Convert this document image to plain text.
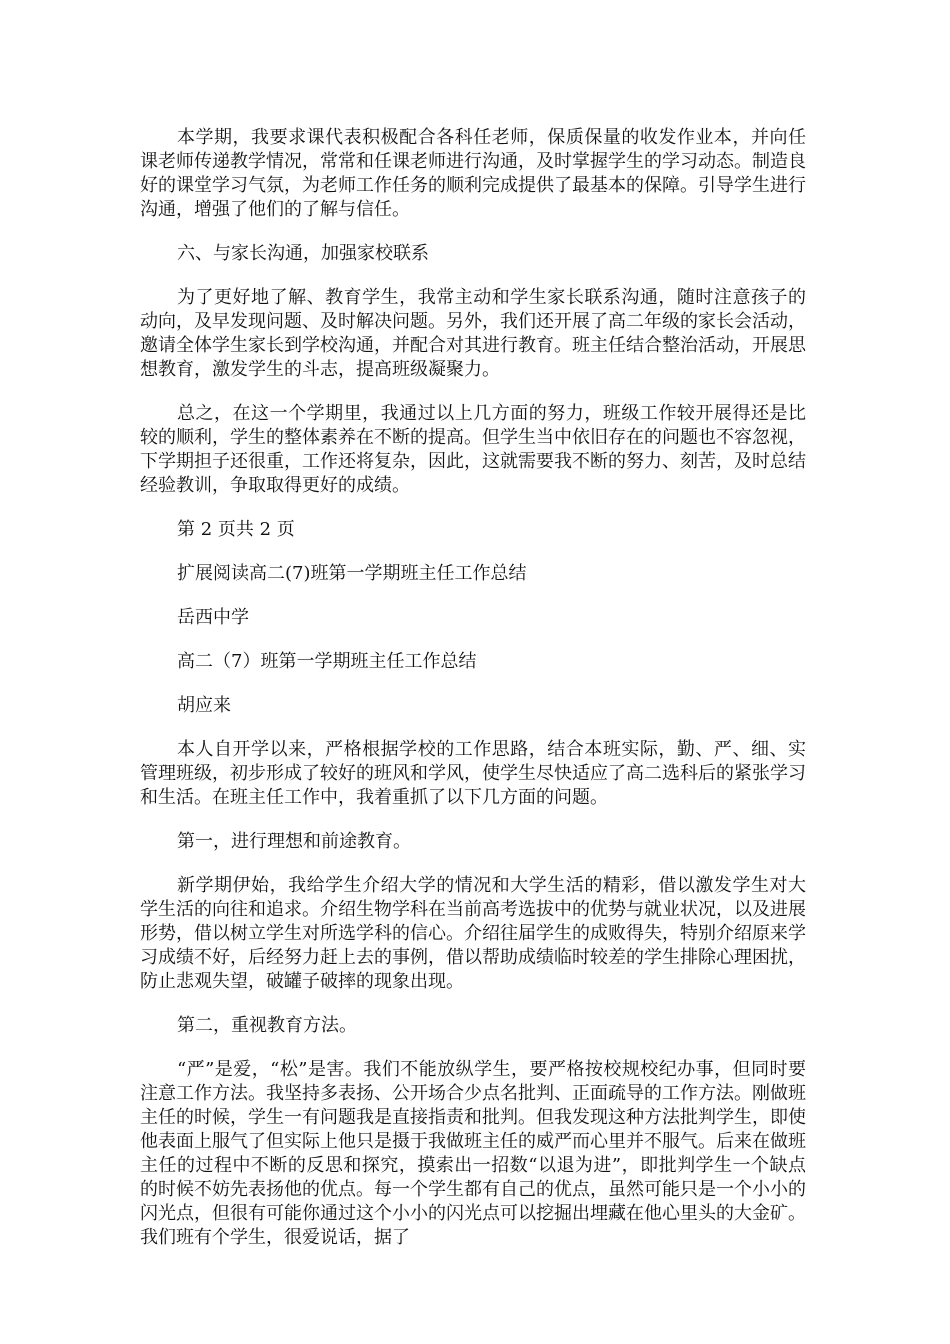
本学期，我要求课代表积极配合各科任老师，保质保量的收发作业本，并向任课老师传递教学情况，常常和任课老师进行沟通，及时掌握学生的学习动态。制造良好的课堂学习气氛，为老师工作任务的顺利完成提供了最基本的保障。引导学生进行沟通，增强了他们的了解与信任。

六、与家长沟通，加强家校联系

为了更好地了解、教育学生，我常主动和学生家长联系沟通，随时注意孩子的动向，及早发现问题、及时解决问题。另外，我们还开展了高二年级的家长会活动，邀请全体学生家长到学校沟通，并配合对其进行教育。班主任结合整治活动，开展思想教育，激发学生的斗志，提高班级凝聚力。

总之，在这一个学期里，我通过以上几方面的努力，班级工作较开展得还是比较的顺利，学生的整体素养在不断的提高。但学生当中依旧存在的问题也不容忽视，下学期担子还很重，工作还将复杂，因此，这就需要我不断的努力、刻苦，及时总结经验教训，争取取得更好的成绩。

第 2 页共 2 页

扩展阅读高二(7)班第一学期班主任工作总结

岳西中学

高二（7）班第一学期班主任工作总结

胡应来

本人自开学以来，严格根据学校的工作思路，结合本班实际，勤、严、细、实管理班级，初步形成了较好的班风和学风，使学生尽快适应了高二选科后的紧张学习和生活。在班主任工作中，我着重抓了以下几方面的问题。

第一，进行理想和前途教育。

新学期伊始，我给学生介绍大学的情况和大学生活的精彩，借以激发学生对大学生活的向往和追求。介绍生物学科在当前高考选拔中的优势与就业状况，以及进展形势，借以树立学生对所选学科的信心。介绍往届学生的成败得失，特别介绍原来学习成绩不好，后经努力赶上去的事例，借以帮助成绩临时较差的学生排除心理困扰，防止悲观失望，破罐子破摔的现象出现。

第二，重视教育方法。

“严”是爱，“松”是害。我们不能放纵学生，要严格按校规校纪办事，但同时要注意工作方法。我坚持多表扬、公开场合少点名批判、正面疏导的工作方法。刚做班主任的时候，学生一有问题我是直接指责和批判。但我发现这种方法批判学生，即使他表面上服气了但实际上他只是摄于我做班主任的威严而心里并不服气。后来在做班主任的过程中不断的反思和探究，摸索出一招数“以退为进”，即批判学生一个缺点的时候不妨先表扬他的优点。每一个学生都有自己的优点，虽然可能只是一个小小的闪光点，但很有可能你通过这个小小的闪光点可以挖掘出埋藏在他心里头的大金矿。我们班有个学生，很爱说话，据了
